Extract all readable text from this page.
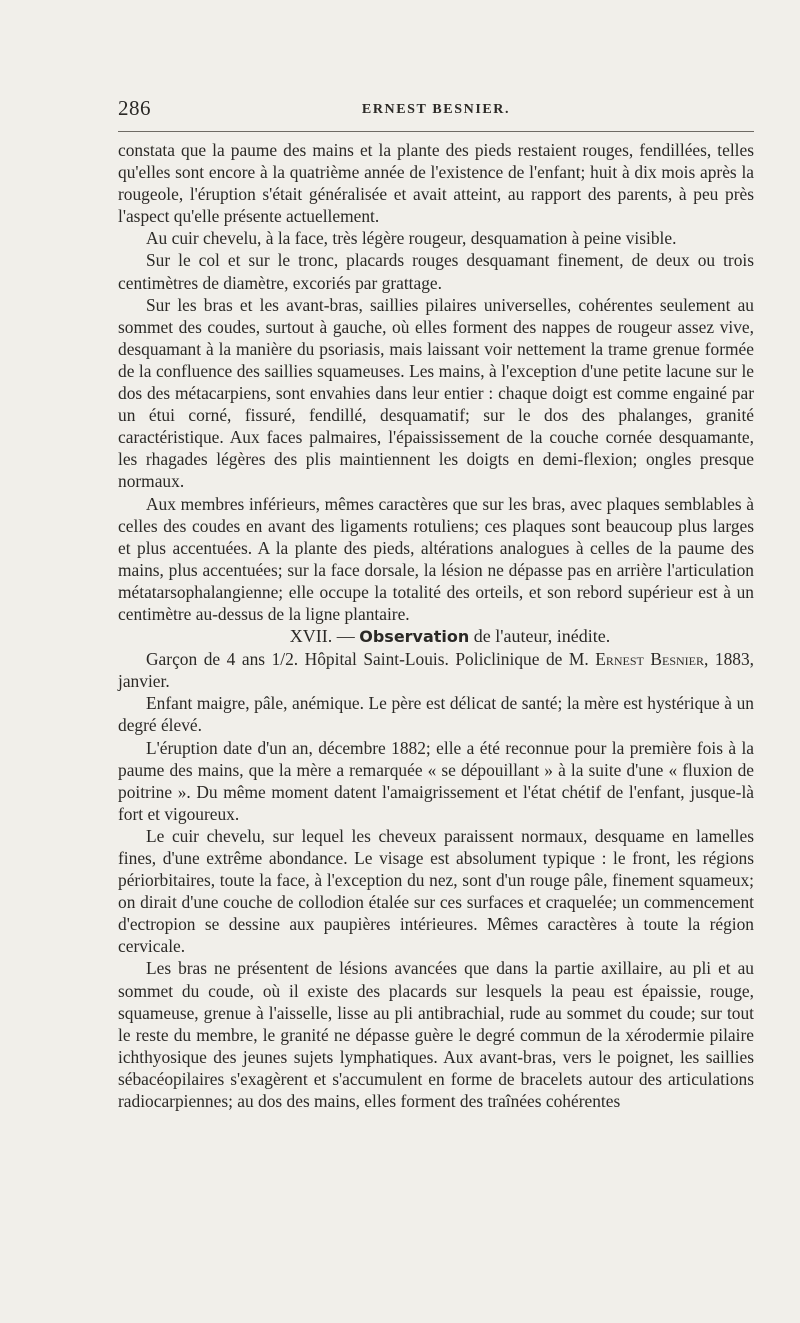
286	ERNEST BESNIER.

constata que la paume des mains et la plante des pieds restaient rouges, fendillées, telles qu'elles sont encore à la quatrième année de l'existence de l'enfant; huit à dix mois après la rougeole, l'éruption s'était généralisée et avait atteint, au rapport des parents, à peu près l'aspect qu'elle présente actuellement.

Au cuir chevelu, à la face, très légère rougeur, desquamation à peine visible.

Sur le col et sur le tronc, placards rouges desquamant finement, de deux ou trois centimètres de diamètre, excoriés par grattage.

Sur les bras et les avant-bras, saillies pilaires universelles, cohérentes seulement au sommet des coudes, surtout à gauche, où elles forment des nappes de rougeur assez vive, desquamant à la manière du psoriasis, mais laissant voir nettement la trame grenue formée de la confluence des saillies squameuses. Les mains, à l'exception d'une petite lacune sur le dos des métacarpiens, sont envahies dans leur entier : chaque doigt est comme engainé par un étui corné, fissuré, fendillé, desquamatif; sur le dos des phalanges, granité caractéristique. Aux faces palmaires, l'épaississement de la couche cornée desquamante, les rhagades légères des plis maintiennent les doigts en demi-flexion; ongles presque normaux.

Aux membres inférieurs, mêmes caractères que sur les bras, avec plaques semblables à celles des coudes en avant des ligaments rotuliens; ces plaques sont beaucoup plus larges et plus accentuées. A la plante des pieds, altérations analogues à celles de la paume des mains, plus accentuées; sur la face dorsale, la lésion ne dépasse pas en arrière l'articulation métatarsophalangienne; elle occupe la totalité des orteils, et son rebord supérieur est à un centimètre au-dessus de la ligne plantaire.

XVII. — Observation de l'auteur, inédite.

Garçon de 4 ans 1/2. Hôpital Saint-Louis. Policlinique de M. Ernest Besnier, 1883, janvier.

Enfant maigre, pâle, anémique. Le père est délicat de santé; la mère est hystérique à un degré élevé.

L'éruption date d'un an, décembre 1882; elle a été reconnue pour la première fois à la paume des mains, que la mère a remarquée « se dépouillant » à la suite d'une « fluxion de poitrine ». Du même moment datent l'amaigrissement et l'état chétif de l'enfant, jusque-là fort et vigoureux.

Le cuir chevelu, sur lequel les cheveux paraissent normaux, desquame en lamelles fines, d'une extrême abondance. Le visage est absolument typique : le front, les régions périorbitaires, toute la face, à l'exception du nez, sont d'un rouge pâle, finement squameux; on dirait d'une couche de collodion étalée sur ces surfaces et craquelée; un commencement d'ectropion se dessine aux paupières intérieures. Mêmes caractères à toute la région cervicale.

Les bras ne présentent de lésions avancées que dans la partie axillaire, au pli et au sommet du coude, où il existe des placards sur lesquels la peau est épaissie, rouge, squameuse, grenue à l'aisselle, lisse au pli antibrachial, rude au sommet du coude; sur tout le reste du membre, le granité ne dépasse guère le degré commun de la xérodermie pilaire ichthyosique des jeunes sujets lymphatiques. Aux avant-bras, vers le poignet, les saillies sébacéopilaires s'exagèrent et s'accumulent en forme de bracelets autour des articulations radiocarpiennes; au dos des mains, elles forment des traînées cohérentes
